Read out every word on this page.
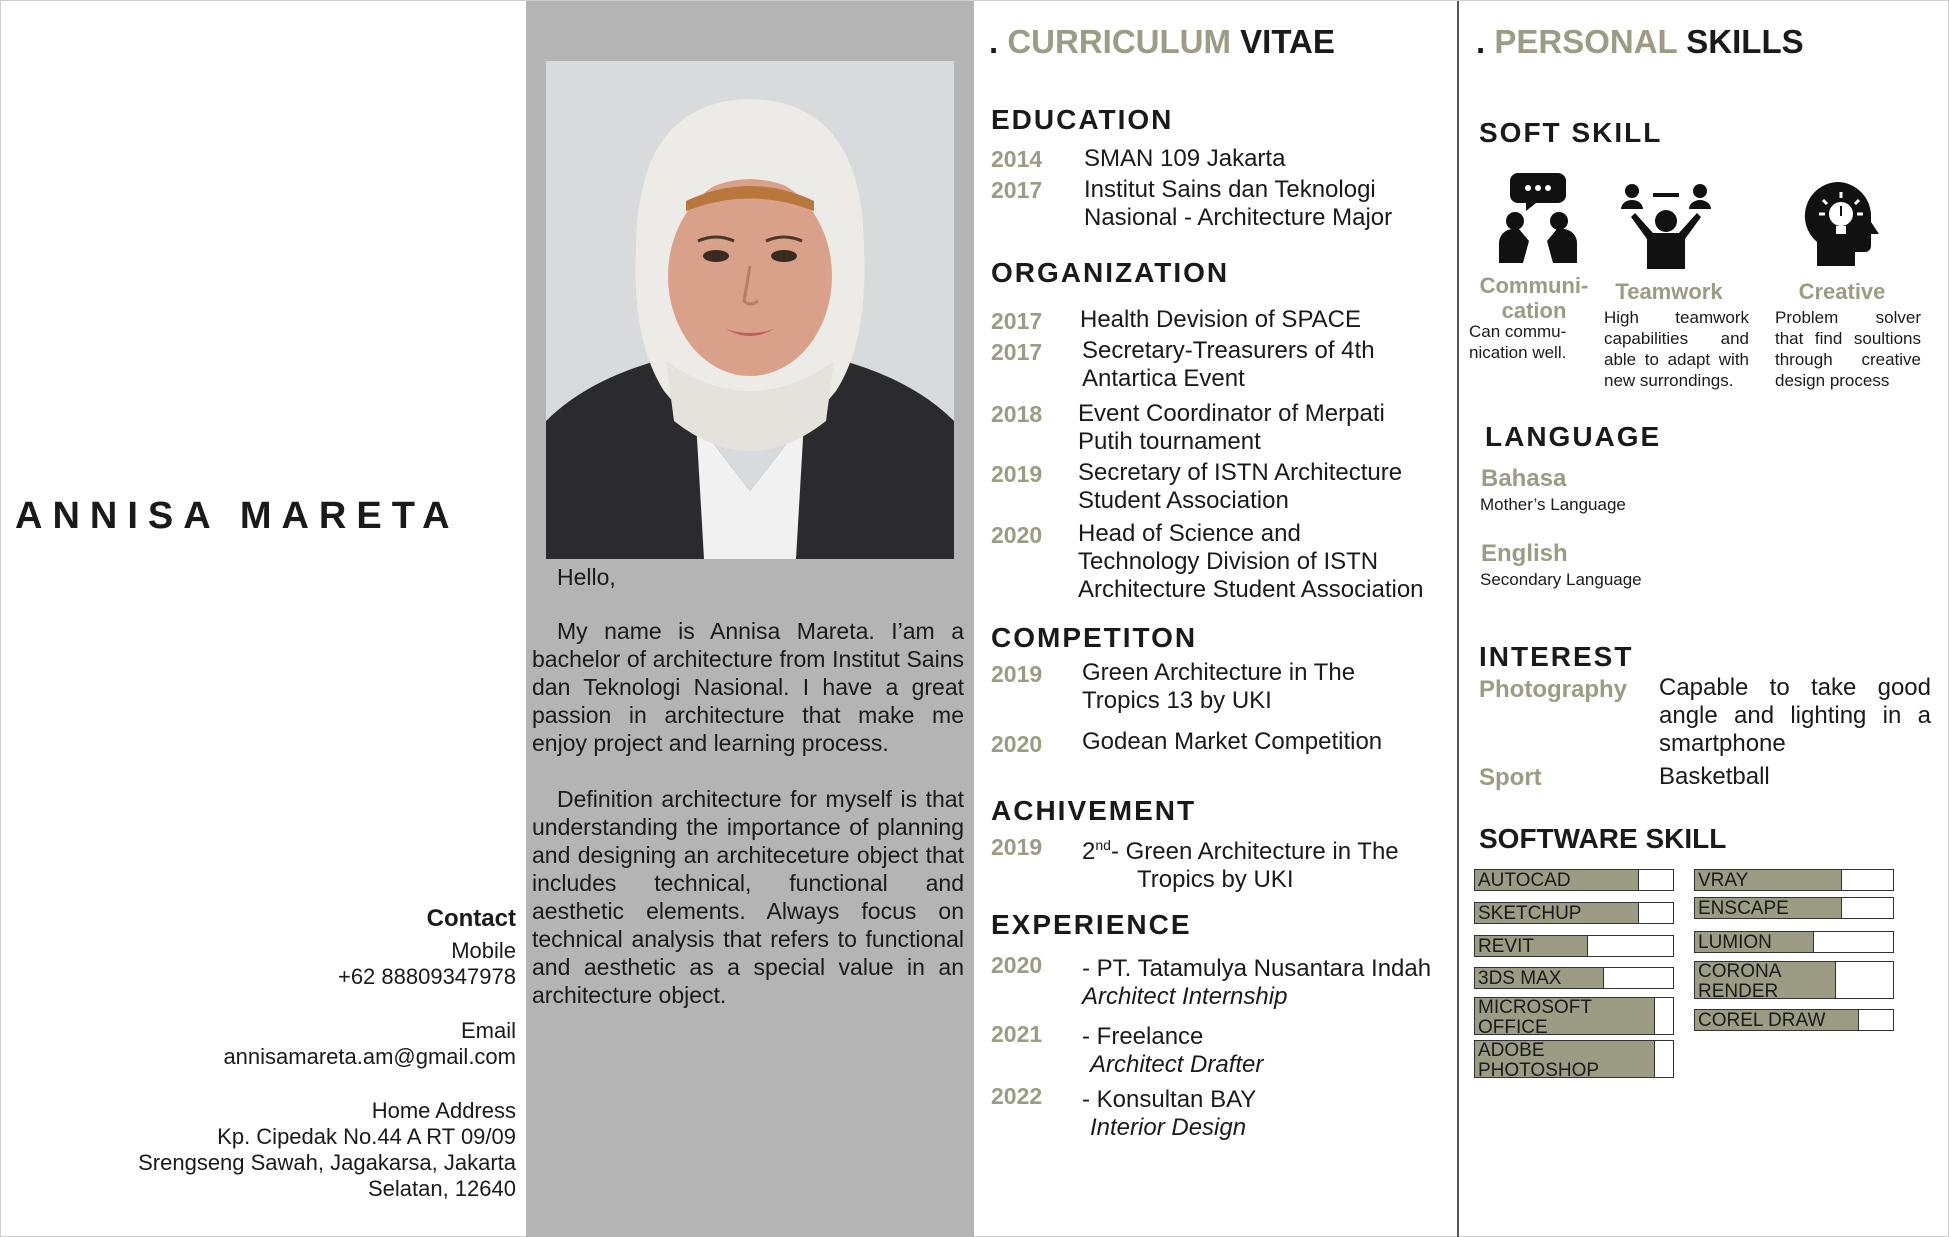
ANNISA MARETA
Contact
Mobile
+62 88809347978
Email
annisamareta.am@gmail.com
Home Address
Kp. Cipedak No.44 A RT 09/09
Srengseng Sawah, Jagakarsa, Jakarta
Selatan, 12640
Hello,

My name is Annisa Mareta. I’am a bachelor of architecture from Institut Sains dan Teknologi Nasional. I have a great passion in architecture that make me enjoy project and learning process.

Definition architecture for myself is that understanding the importance of planning and designing an architeceture object that includes technical, functional and aesthetic elements. Always focus on technical analysis that refers to functional and aesthetic as a special value in an architecture object.

. CURRICULUM VITAE
EDUCATION
2014 SMAN 109 Jakarta
2017 Institut Sains dan Teknologi
Nasional - Architecture Major
ORGANIZATION
2017 Health Devision of SPACE
2017 Secretary-Treasurers of 4th
Antartica Event
2018 Event Coordinator of Merpati
Putih tournament
2019 Secretary of ISTN Architecture
Student Association
2020 Head of Science and
Technology Division of ISTN
Architecture Student Association
COMPETITON
2019 Green Architecture in The
Tropics 13 by UKI
2020 Godean Market Competition
ACHIVEMENT
2019 2nd- Green Architecture in The
Tropics by UKI
EXPERIENCE
2020 - PT. Tatamulya Nusantara Indah
Architect Internship
2021 - Freelance
Architect Drafter
2022 - Konsultan BAY
Interior Design
. PERSONAL SKILLS
SOFT SKILL
Communi-
cation
Can commu-
nication well.
Teamwork
High teamwork capabilities and able to adapt with new surrondings.
Creative
Problem solver that find soultions through creative design process
LANGUAGE
Bahasa
Mother’s Language
English
Secondary Language
INTEREST
Photography Capable to take good angle and lighting in a smartphone
Sport	Basketball
SOFTWARE SKILL
AUTOCAD
SKETCHUP
REVIT
3DS MAX
MICROSOFT
OFFICE
ADOBE
PHOTOSHOP
VRAY
ENSCAPE
LUMION
CORONA
RENDER
COREL DRAW
